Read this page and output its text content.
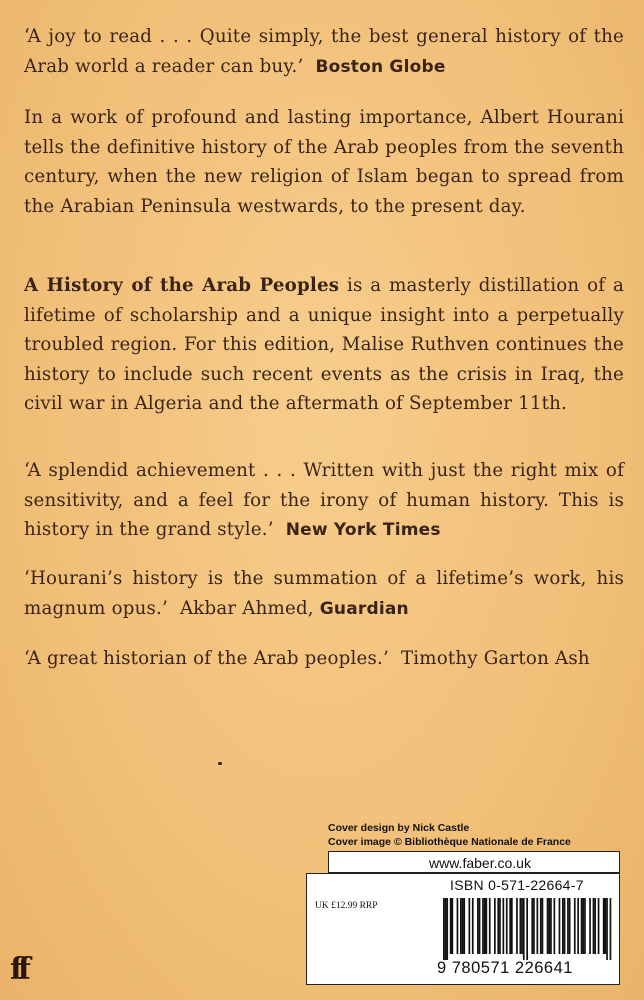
‘A joy to read . . . Quite simply, the best general history of the Arab world a reader can buy.’ Boston Globe

In a work of profound and lasting importance, Albert Hourani tells the definitive history of the Arab peoples from the seventh century, when the new religion of Islam began to spread from the Arabian Peninsula westwards, to the present day.

A History of the Arab Peoples is a masterly distillation of a lifetime of scholarship and a unique insight into a perpetually troubled region. For this edition, Malise Ruthven continues the history to include such recent events as the crisis in Iraq, the civil war in Algeria and the aftermath of September 11th.

‘A splendid achievement . . . Written with just the right mix of sensitivity, and a feel for the irony of human history. This is history in the grand style.’ New York Times

‘Hourani’s history is the summation of a lifetime’s work, his magnum opus.’ Akbar Ahmed, Guardian

‘A great historian of the Arab peoples.’ Timothy Garton Ash

Cover design by Nick Castle
Cover image © Bibliothèque Nationale de France
www.faber.co.uk
ISBN 0-571-22664-7
UK £12.99 RRP
9 780571 226641
ff
